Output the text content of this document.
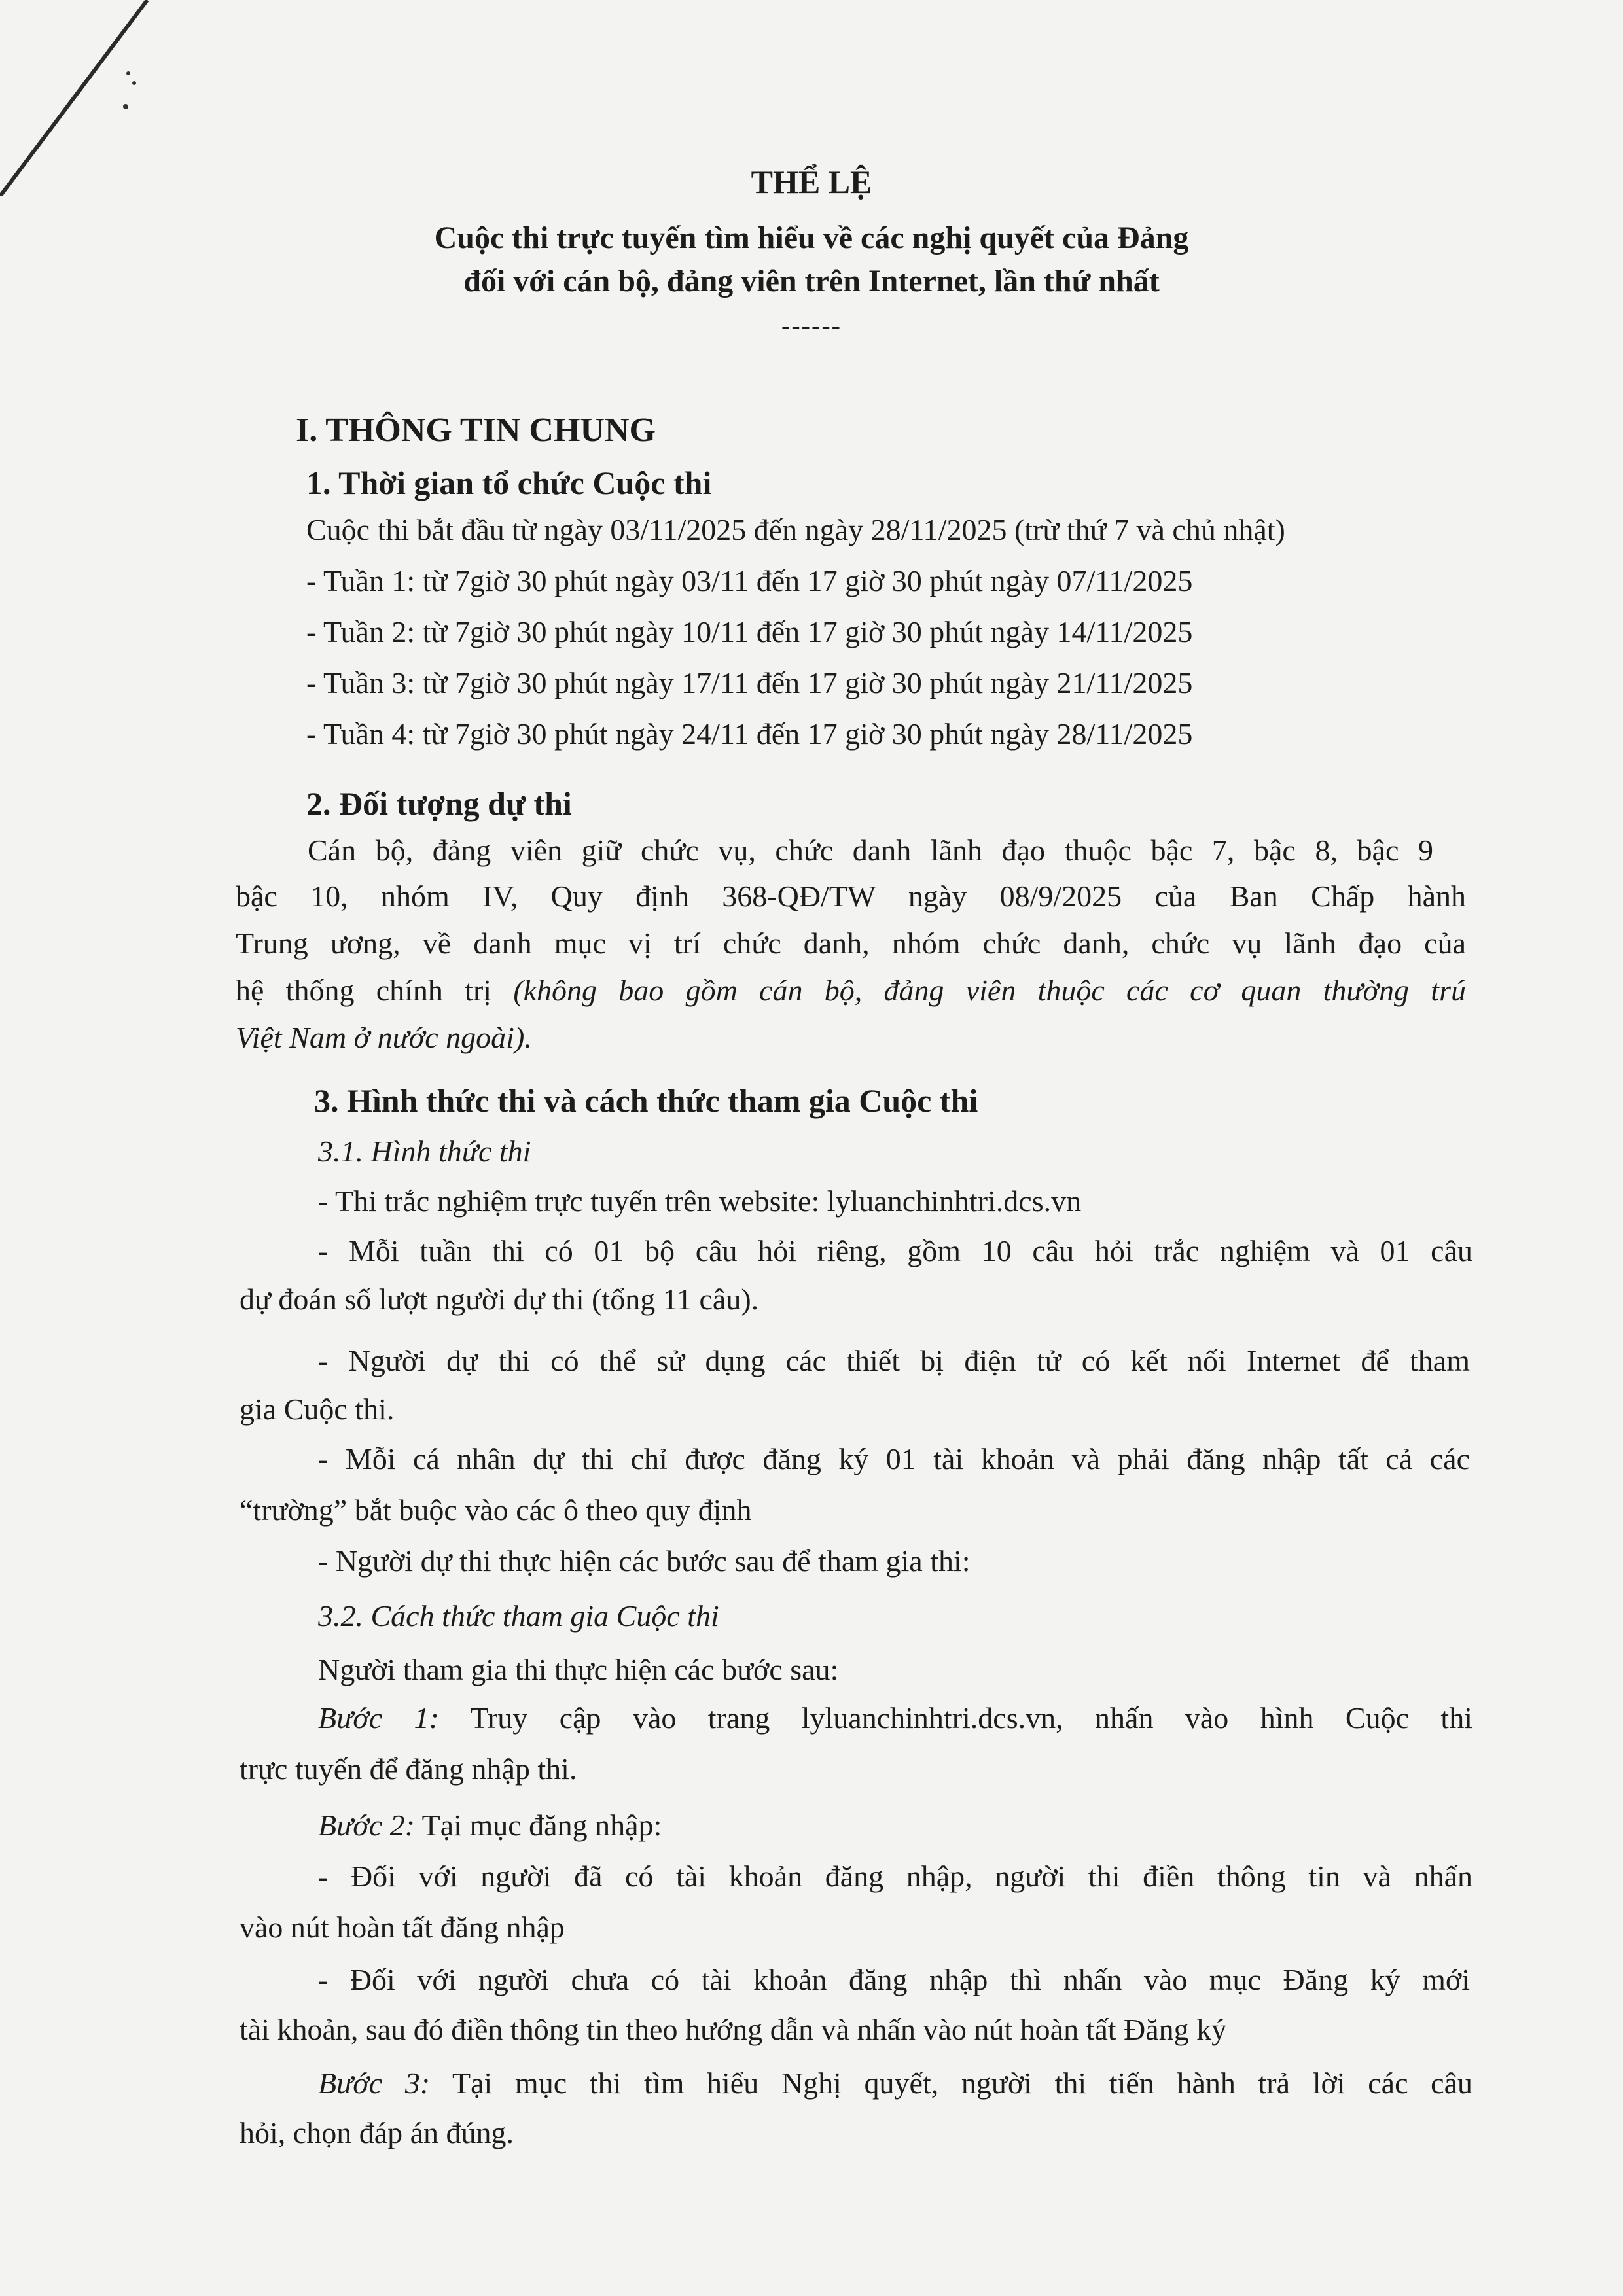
THỂ LỆ
Cuộc thi trực tuyến tìm hiểu về các nghị quyết của Đảng
đối với cán bộ, đảng viên trên Internet, lần thứ nhất
------
I. THÔNG TIN CHUNG
1. Thời gian tổ chức Cuộc thi
Cuộc thi bắt đầu từ ngày 03/11/2025 đến ngày 28/11/2025 (trừ thứ 7 và chủ nhật)
- Tuần 1: từ 7giờ 30 phút ngày 03/11 đến 17 giờ 30 phút ngày 07/11/2025
- Tuần 2: từ 7giờ 30 phút ngày 10/11 đến 17 giờ 30 phút ngày 14/11/2025
- Tuần 3: từ 7giờ 30 phút ngày 17/11 đến 17 giờ 30 phút ngày 21/11/2025
- Tuần 4: từ 7giờ 30 phút ngày 24/11 đến 17 giờ 30 phút ngày 28/11/2025
2. Đối tượng dự thi
Cán bộ, đảng viên giữ chức vụ, chức danh lãnh đạo thuộc bậc 7, bậc 8, bậc 9
bậc 10, nhóm IV, Quy định 368-QĐ/TW ngày 08/9/2025 của Ban Chấp hành
Trung ương, về danh mục vị trí chức danh, nhóm chức danh, chức vụ lãnh đạo của
hệ thống chính trị (không bao gồm cán bộ, đảng viên thuộc các cơ quan thường trú
Việt Nam ở nước ngoài).
3. Hình thức thi và cách thức tham gia Cuộc thi
3.1. Hình thức thi
- Thi trắc nghiệm trực tuyến trên website: lyluanchinhtri.dcs.vn
- Mỗi tuần thi có 01 bộ câu hỏi riêng, gồm 10 câu hỏi trắc nghiệm và 01 câu
dự đoán số lượt người dự thi (tổng 11 câu).
- Người dự thi có thể sử dụng các thiết bị điện tử có kết nối Internet để tham
gia Cuộc thi.
- Mỗi cá nhân dự thi chỉ được đăng ký 01 tài khoản và phải đăng nhập tất cả các
“trường” bắt buộc vào các ô theo quy định
- Người dự thi thực hiện các bước sau để tham gia thi:
3.2. Cách thức tham gia Cuộc thi
Người tham gia thi thực hiện các bước sau:
Bước 1: Truy cập vào trang lyluanchinhtri.dcs.vn, nhấn vào hình Cuộc thi
trực tuyến để đăng nhập thi.
Bước 2: Tại mục đăng nhập:
- Đối với người đã có tài khoản đăng nhập, người thi điền thông tin và nhấn
vào nút hoàn tất đăng nhập
- Đối với người chưa có tài khoản đăng nhập thì nhấn vào mục Đăng ký mới
tài khoản, sau đó điền thông tin theo hướng dẫn và nhấn vào nút hoàn tất Đăng ký
Bước 3: Tại mục thi tìm hiểu Nghị quyết, người thi tiến hành trả lời các câu
hỏi, chọn đáp án đúng.
